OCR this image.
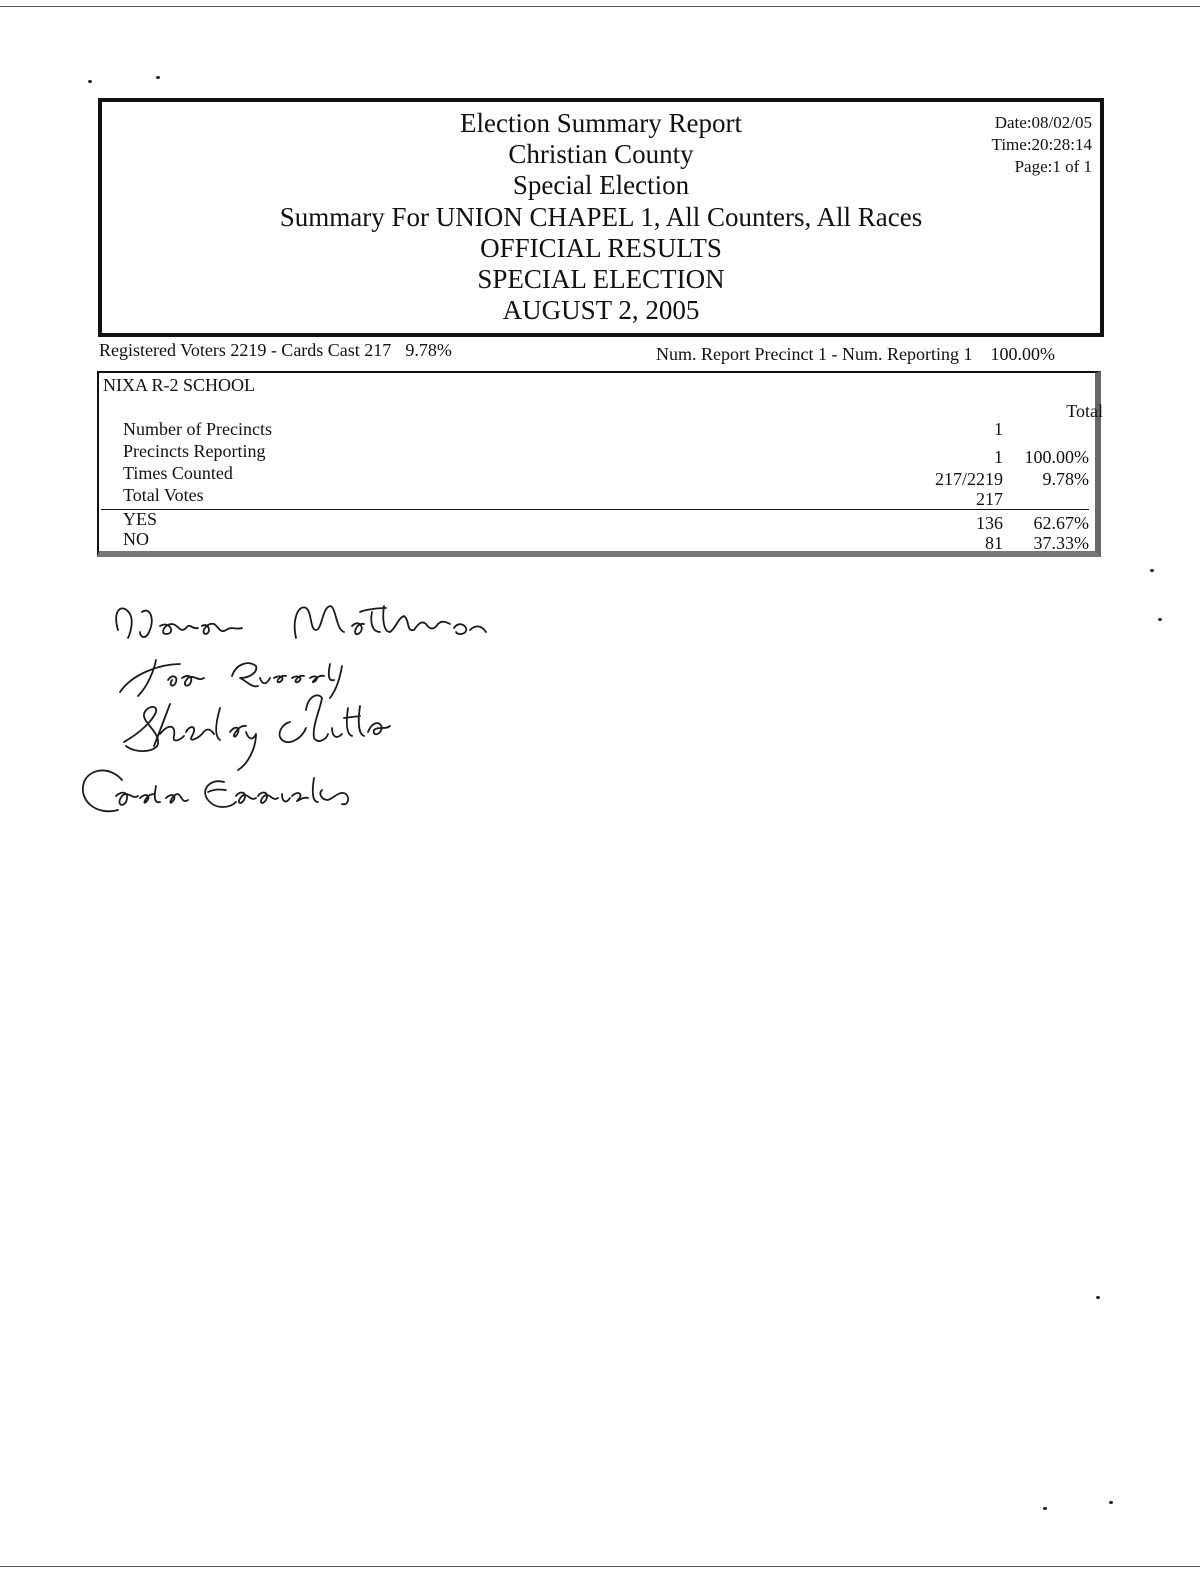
Election Summary Report
Christian County
Special Election
Summary For UNION CHAPEL 1, All Counters, All Races
OFFICIAL RESULTS
SPECIAL ELECTION
AUGUST 2, 2005
Date:08/02/05
Time:20:28:14
Page:1 of 1
Registered Voters 2219 - Cards Cast 217 9.78%	Num. Report Precinct 1 - Num. Reporting 1 100.00%
NIXA R-2 SCHOOL
Total
Number of Precincts	1
Precincts Reporting	1	100.00%
Times Counted	217/2219	9.78%
Total Votes	217
YES	136	62.67%
NO	81	37.33%
